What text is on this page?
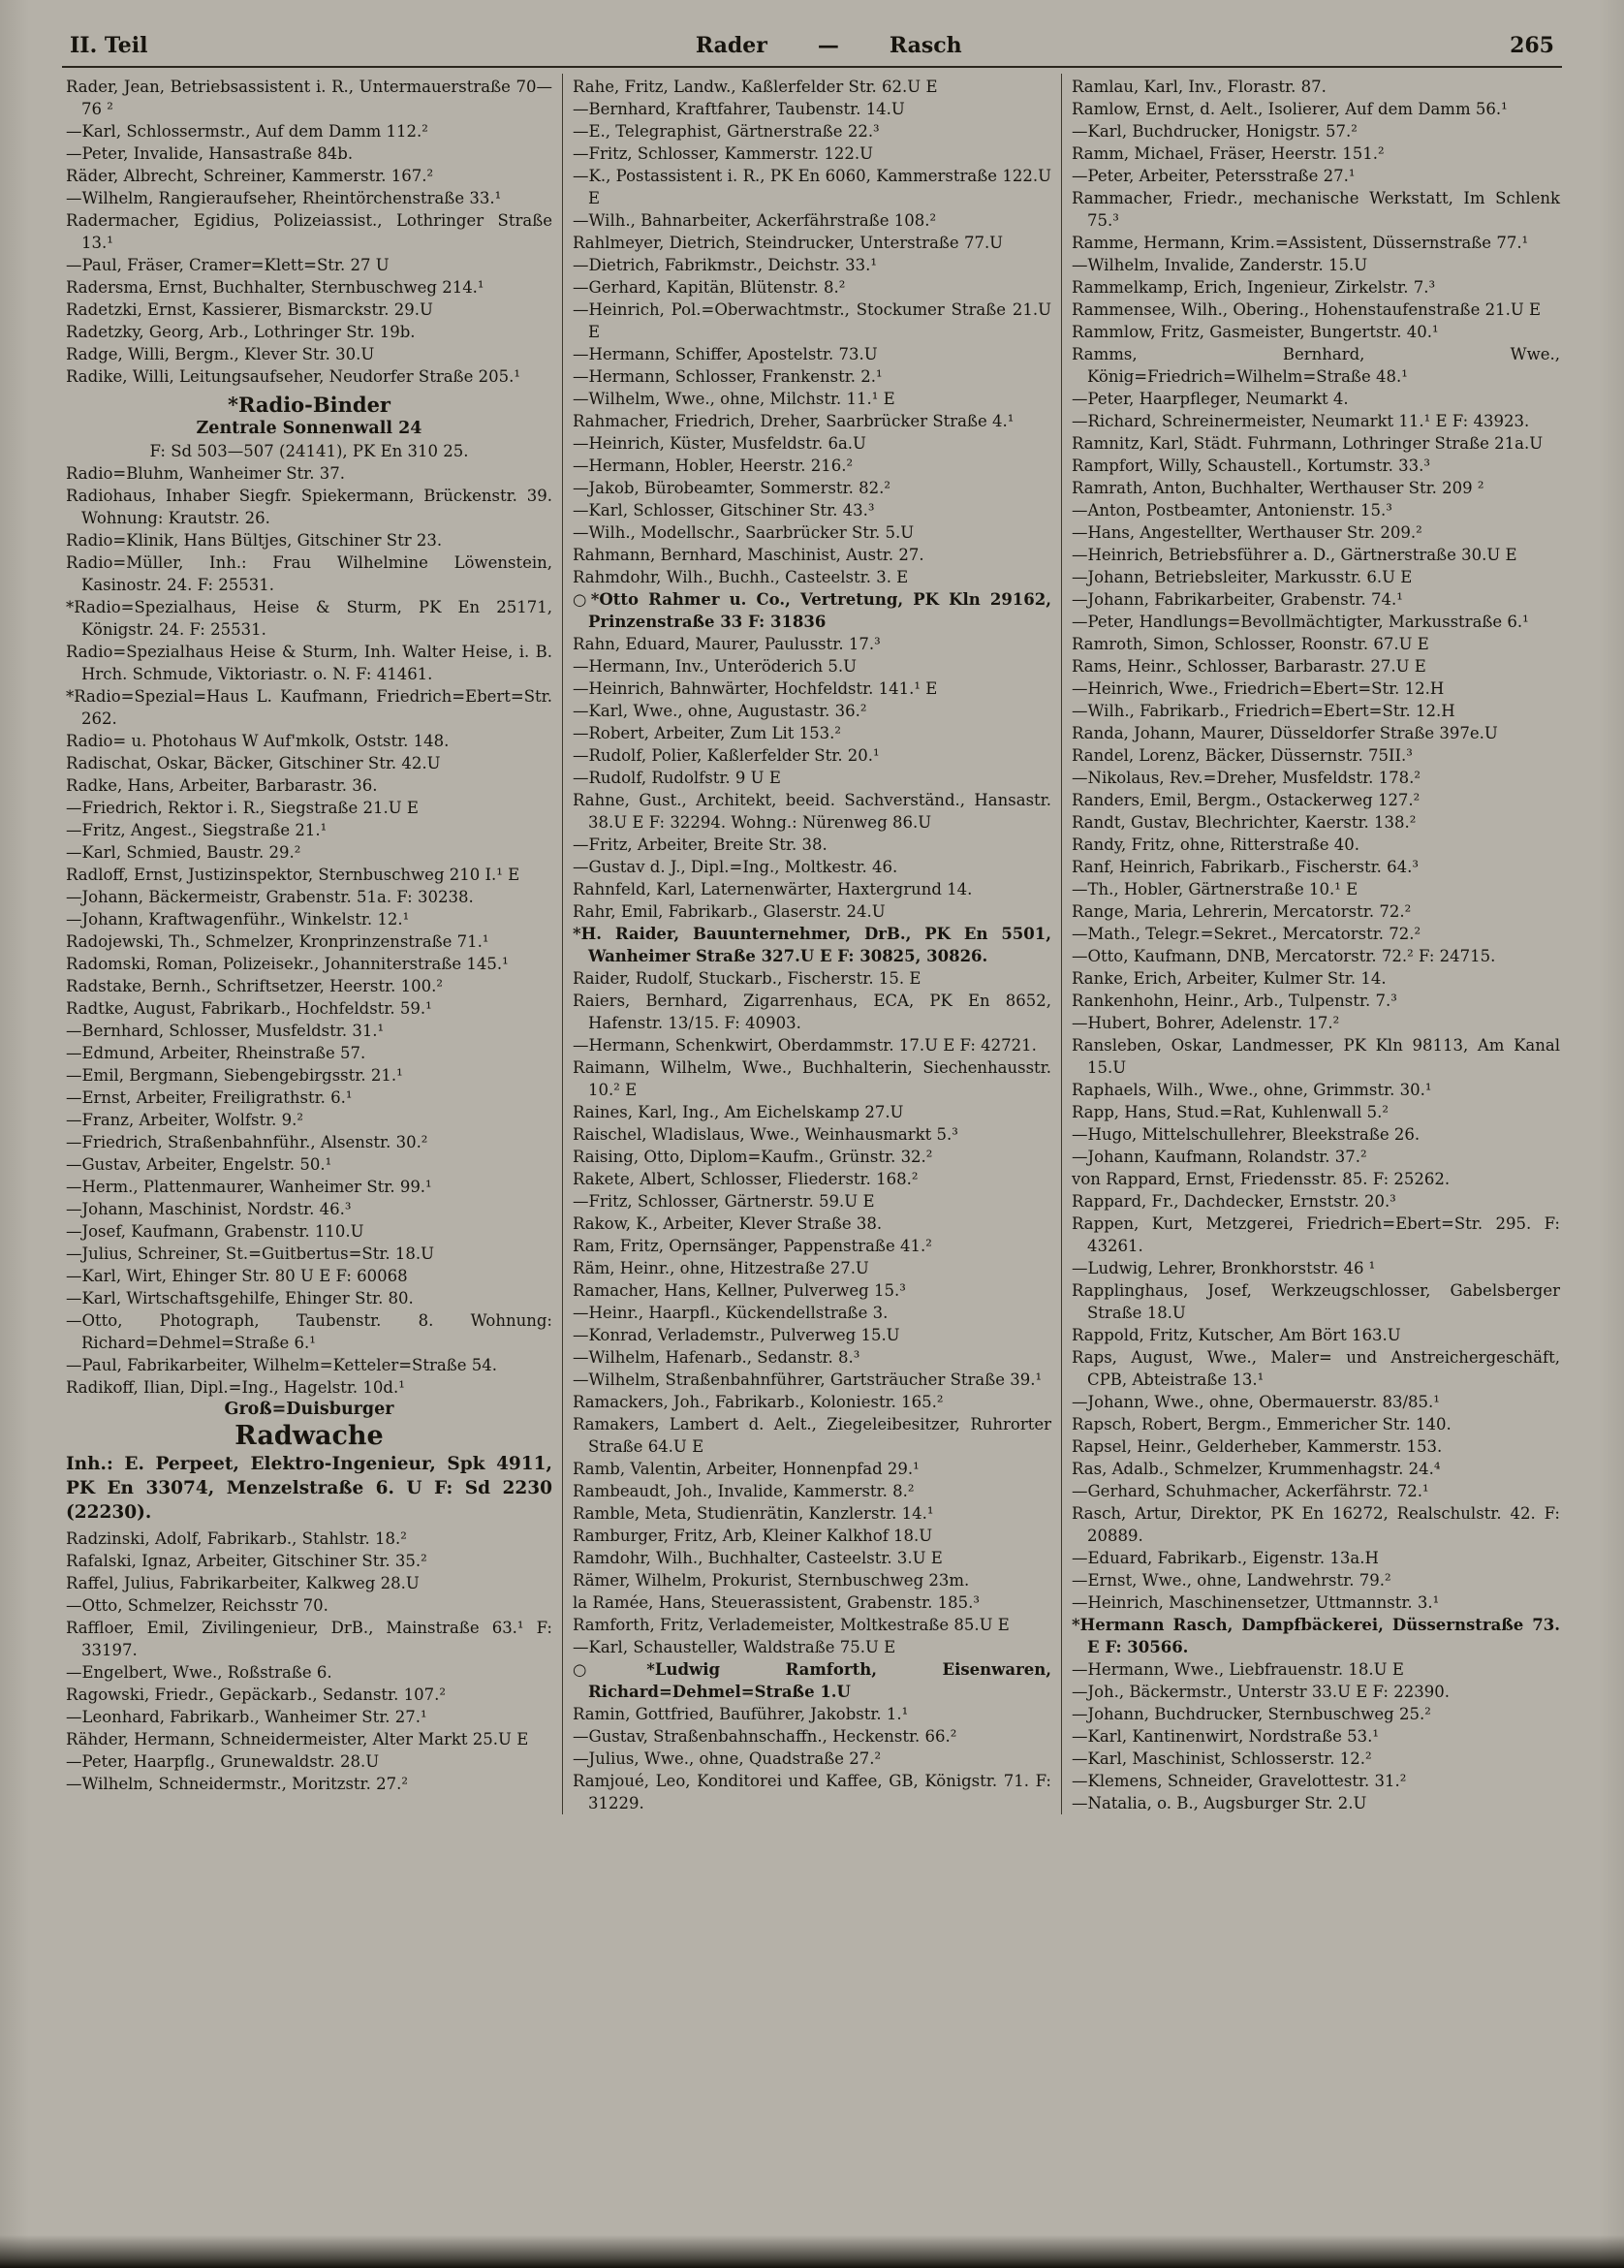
II. Teil	Rader — Rasch	265

Rader, Jean, Betriebsassistent i. R., Untermauerstraße 70—76 ²

—Karl, Schlossermstr., Auf dem Damm 112.²

—Peter, Invalide, Hansastraße 84b.

Räder, Albrecht, Schreiner, Kammerstr. 167.²

—Wilhelm, Rangieraufseher, Rheintörchenstraße 33.¹

Radermacher, Egidius, Polizeiassist., Lothringer Straße 13.¹

—Paul, Fräser, Cramer=Klett=Str. 27 U

Radersma, Ernst, Buchhalter, Sternbuschweg 214.¹

Radetzki, Ernst, Kassierer, Bismarckstr. 29.U

Radetzky, Georg, Arb., Lothringer Str. 19b.

Radge, Willi, Bergm., Klever Str. 30.U

Radike, Willi, Leitungsaufseher, Neudorfer Straße 205.¹

*Radio-Binder

Zentrale Sonnenwall 24

F: Sd 503—507 (24141), PK En 310 25.

Radio=Bluhm, Wanheimer Str. 37.

Radiohaus, Inhaber Siegfr. Spiekermann, Brückenstr. 39. Wohnung: Krautstr. 26.

Radio=Klinik, Hans Bültjes, Gitschiner Str 23.

Radio=Müller, Inh.: Frau Wilhelmine Löwenstein, Kasinostr. 24. F: 25531.

*Radio=Spezialhaus, Heise & Sturm, PK En 25171, Königstr. 24. F: 25531.

Radio=Spezialhaus Heise & Sturm, Inh. Walter Heise, i. B. Hrch. Schmude, Viktoriastr. o. N. F: 41461.

*Radio=Spezial=Haus L. Kaufmann, Friedrich=Ebert=Str. 262.

Radio= u. Photohaus W Auf'mkolk, Oststr. 148.

Radischat, Oskar, Bäcker, Gitschiner Str. 42.U

Radke, Hans, Arbeiter, Barbarastr. 36.

—Friedrich, Rektor i. R., Siegstraße 21.U E

—Fritz, Angest., Siegstraße 21.¹

—Karl, Schmied, Baustr. 29.²

Radloff, Ernst, Justizinspektor, Sternbuschweg 210 I.¹ E

—Johann, Bäckermeistr, Grabenstr. 51a. F: 30238.

—Johann, Kraftwagenführ., Winkelstr. 12.¹

Radojewski, Th., Schmelzer, Kronprinzenstraße 71.¹

Radomski, Roman, Polizeisekr., Johanniterstraße 145.¹

Radstake, Bernh., Schriftsetzer, Heerstr. 100.²

Radtke, August, Fabrikarb., Hochfeldstr. 59.¹

—Bernhard, Schlosser, Musfeldstr. 31.¹

—Edmund, Arbeiter, Rheinstraße 57.

—Emil, Bergmann, Siebengebirgsstr. 21.¹

—Ernst, Arbeiter, Freiligrathstr. 6.¹

—Franz, Arbeiter, Wolfstr. 9.²

—Friedrich, Straßenbahnführ., Alsenstr. 30.²

—Gustav, Arbeiter, Engelstr. 50.¹

—Herm., Plattenmaurer, Wanheimer Str. 99.¹

—Johann, Maschinist, Nordstr. 46.³

—Josef, Kaufmann, Grabenstr. 110.U

—Julius, Schreiner, St.=Guitbertus=Str. 18.U

—Karl, Wirt, Ehinger Str. 80 U E F: 60068

—Karl, Wirtschaftsgehilfe, Ehinger Str. 80.

—Otto, Photograph, Taubenstr. 8. Wohnung: Richard=Dehmel=Straße 6.¹

—Paul, Fabrikarbeiter, Wilhelm=Ketteler=Straße 54.

Radikoff, Ilian, Dipl.=Ing., Hagelstr. 10d.¹

Groß=Duisburger

Radwache

Inh.: E. Perpeet, Elektro-Ingenieur, Spk 4911, PK En 33074, Menzelstraße 6. U F: Sd 2230 (22230).

Radzinski, Adolf, Fabrikarb., Stahlstr. 18.²

Rafalski, Ignaz, Arbeiter, Gitschiner Str. 35.²

Raffel, Julius, Fabrikarbeiter, Kalkweg 28.U

—Otto, Schmelzer, Reichsstr 70.

Raffloer, Emil, Zivilingenieur, DrB., Mainstraße 63.¹ F: 33197.

—Engelbert, Wwe., Roßstraße 6.

Ragowski, Friedr., Gepäckarb., Sedanstr. 107.²

—Leonhard, Fabrikarb., Wanheimer Str. 27.¹

Rähder, Hermann, Schneidermeister, Alter Markt 25.U E

—Peter, Haarpflg., Grunewaldstr. 28.U

—Wilhelm, Schneidermstr., Moritzstr. 27.²

Rahe, Fritz, Landw., Kaßlerfelder Str. 62.U E

—Bernhard, Kraftfahrer, Taubenstr. 14.U

—E., Telegraphist, Gärtnerstraße 22.³

—Fritz, Schlosser, Kammerstr. 122.U

—K., Postassistent i. R., PK En 6060, Kammerstraße 122.U E

—Wilh., Bahnarbeiter, Ackerfährstraße 108.²

Rahlmeyer, Dietrich, Steindrucker, Unterstraße 77.U

—Dietrich, Fabrikmstr., Deichstr. 33.¹

—Gerhard, Kapitän, Blütenstr. 8.²

—Heinrich, Pol.=Oberwachtmstr., Stockumer Straße 21.U E

—Hermann, Schiffer, Apostelstr. 73.U

—Hermann, Schlosser, Frankenstr. 2.¹

—Wilhelm, Wwe., ohne, Milchstr. 11.¹ E

Rahmacher, Friedrich, Dreher, Saarbrücker Straße 4.¹

—Heinrich, Küster, Musfeldstr. 6a.U

—Hermann, Hobler, Heerstr. 216.²

—Jakob, Bürobeamter, Sommerstr. 82.²

—Karl, Schlosser, Gitschiner Str. 43.³

—Wilh., Modellschr., Saarbrücker Str. 5.U

Rahmann, Bernhard, Maschinist, Austr. 27.

Rahmdohr, Wilh., Buchh., Casteelstr. 3. E

○*Otto Rahmer u. Co., Vertretung, PK Kln 29162, Prinzenstraße 33 F: 31836

Rahn, Eduard, Maurer, Paulusstr. 17.³

—Hermann, Inv., Unteröderich 5.U

—Heinrich, Bahnwärter, Hochfeldstr. 141.¹ E

—Karl, Wwe., ohne, Augustastr. 36.²

—Robert, Arbeiter, Zum Lit 153.²

—Rudolf, Polier, Kaßlerfelder Str. 20.¹

—Rudolf, Rudolfstr. 9 U E

Rahne, Gust., Architekt, beeid. Sachverständ., Hansastr. 38.U E F: 32294. Wohng.: Nürenweg 86.U

—Fritz, Arbeiter, Breite Str. 38.

—Gustav d. J., Dipl.=Ing., Moltkestr. 46.

Rahnfeld, Karl, Laternenwärter, Haxtergrund 14.

Rahr, Emil, Fabrikarb., Glaserstr. 24.U

*H. Raider, Bauunternehmer, DrB., PK En 5501, Wanheimer Straße 327.U E F: 30825, 30826.

Raider, Rudolf, Stuckarb., Fischerstr. 15. E

Raiers, Bernhard, Zigarrenhaus, ECA, PK En 8652, Hafenstr. 13/15. F: 40903.

—Hermann, Schenkwirt, Oberdammstr. 17.U E F: 42721.

Raimann, Wilhelm, Wwe., Buchhalterin, Siechenhausstr. 10.² E

Raines, Karl, Ing., Am Eichelskamp 27.U

Raischel, Wladislaus, Wwe., Weinhausmarkt 5.³

Raising, Otto, Diplom=Kaufm., Grünstr. 32.²

Rakete, Albert, Schlosser, Fliederstr. 168.²

—Fritz, Schlosser, Gärtnerstr. 59.U E

Rakow, K., Arbeiter, Klever Straße 38.

Ram, Fritz, Opernsänger, Pappenstraße 41.²

Räm, Heinr., ohne, Hitzestraße 27.U

Ramacher, Hans, Kellner, Pulverweg 15.³

—Heinr., Haarpfl., Kückendellstraße 3.

—Konrad, Verlademstr., Pulverweg 15.U

—Wilhelm, Hafenarb., Sedanstr. 8.³

—Wilhelm, Straßenbahnführer, Gartsträucher Straße 39.¹

Ramackers, Joh., Fabrikarb., Koloniestr. 165.²

Ramakers, Lambert d. Aelt., Ziegeleibesitzer, Ruhrorter Straße 64.U E

Ramb, Valentin, Arbeiter, Honnenpfad 29.¹

Rambeaudt, Joh., Invalide, Kammerstr. 8.²

Ramble, Meta, Studienrätin, Kanzlerstr. 14.¹

Ramburger, Fritz, Arb, Kleiner Kalkhof 18.U

Ramdohr, Wilh., Buchhalter, Casteelstr. 3.U E

Rämer, Wilhelm, Prokurist, Sternbuschweg 23m.

la Ramée, Hans, Steuerassistent, Grabenstr. 185.³

Ramforth, Fritz, Verlademeister, Moltkestraße 85.U E

—Karl, Schausteller, Waldstraße 75.U E

○*Ludwig Ramforth, Eisenwaren, Richard=Dehmel=Straße 1.U

Ramin, Gottfried, Bauführer, Jakobstr. 1.¹

—Gustav, Straßenbahnschaffn., Heckenstr. 66.²

—Julius, Wwe., ohne, Quadstraße 27.²

Ramjoué, Leo, Konditorei und Kaffee, GB, Königstr. 71. F: 31229.

Ramlau, Karl, Inv., Florastr. 87.

Ramlow, Ernst, d. Aelt., Isolierer, Auf dem Damm 56.¹

—Karl, Buchdrucker, Honigstr. 57.²

Ramm, Michael, Fräser, Heerstr. 151.²

—Peter, Arbeiter, Petersstraße 27.¹

Rammacher, Friedr., mechanische Werkstatt, Im Schlenk 75.³

Ramme, Hermann, Krim.=Assistent, Düssernstraße 77.¹

—Wilhelm, Invalide, Zanderstr. 15.U

Rammelkamp, Erich, Ingenieur, Zirkelstr. 7.³

Rammensee, Wilh., Obering., Hohenstaufenstraße 21.U E

Rammlow, Fritz, Gasmeister, Bungertstr. 40.¹

Ramms, Bernhard, Wwe., König=Friedrich=Wilhelm=Straße 48.¹

—Peter, Haarpfleger, Neumarkt 4.

—Richard, Schreinermeister, Neumarkt 11.¹ E F: 43923.

Ramnitz, Karl, Städt. Fuhrmann, Lothringer Straße 21a.U

Rampfort, Willy, Schaustell., Kortumstr. 33.³

Ramrath, Anton, Buchhalter, Werthauser Str. 209 ²

—Anton, Postbeamter, Antonienstr. 15.³

—Hans, Angestellter, Werthauser Str. 209.²

—Heinrich, Betriebsführer a. D., Gärtnerstraße 30.U E

—Johann, Betriebsleiter, Markusstr. 6.U E

—Johann, Fabrikarbeiter, Grabenstr. 74.¹

—Peter, Handlungs=Bevollmächtigter, Markusstraße 6.¹

Ramroth, Simon, Schlosser, Roonstr. 67.U E

Rams, Heinr., Schlosser, Barbarastr. 27.U E

—Heinrich, Wwe., Friedrich=Ebert=Str. 12.H

—Wilh., Fabrikarb., Friedrich=Ebert=Str. 12.H

Randa, Johann, Maurer, Düsseldorfer Straße 397e.U

Randel, Lorenz, Bäcker, Düssernstr. 75II.³

—Nikolaus, Rev.=Dreher, Musfeldstr. 178.²

Randers, Emil, Bergm., Ostackerweg 127.²

Randt, Gustav, Blechrichter, Kaerstr. 138.²

Randy, Fritz, ohne, Ritterstraße 40.

Ranf, Heinrich, Fabrikarb., Fischerstr. 64.³

—Th., Hobler, Gärtnerstraße 10.¹ E

Range, Maria, Lehrerin, Mercatorstr. 72.²

—Math., Telegr.=Sekret., Mercatorstr. 72.²

—Otto, Kaufmann, DNB, Mercatorstr. 72.² F: 24715.

Ranke, Erich, Arbeiter, Kulmer Str. 14.

Rankenhohn, Heinr., Arb., Tulpenstr. 7.³

—Hubert, Bohrer, Adelenstr. 17.²

Ransleben, Oskar, Landmesser, PK Kln 98113, Am Kanal 15.U

Raphaels, Wilh., Wwe., ohne, Grimmstr. 30.¹

Rapp, Hans, Stud.=Rat, Kuhlenwall 5.²

—Hugo, Mittelschullehrer, Bleekstraße 26.

—Johann, Kaufmann, Rolandstr. 37.²

von Rappard, Ernst, Friedensstr. 85. F: 25262.

Rappard, Fr., Dachdecker, Ernststr. 20.³

Rappen, Kurt, Metzgerei, Friedrich=Ebert=Str. 295. F: 43261.

—Ludwig, Lehrer, Bronkhorststr. 46 ¹

Rapplinghaus, Josef, Werkzeugschlosser, Gabelsberger Straße 18.U

Rappold, Fritz, Kutscher, Am Bört 163.U

Raps, August, Wwe., Maler= und Anstreichergeschäft, CPB, Abteistraße 13.¹

—Johann, Wwe., ohne, Obermauerstr. 83/85.¹

Rapsch, Robert, Bergm., Emmericher Str. 140.

Rapsel, Heinr., Gelderheber, Kammerstr. 153.

Ras, Adalb., Schmelzer, Krummenhagstr. 24.⁴

—Gerhard, Schuhmacher, Ackerfährstr. 72.¹

Rasch, Artur, Direktor, PK En 16272, Realschulstr. 42. F: 20889.

—Eduard, Fabrikarb., Eigenstr. 13a.H

—Ernst, Wwe., ohne, Landwehrstr. 79.²

—Heinrich, Maschinensetzer, Uttmannstr. 3.¹

*Hermann Rasch, Dampfbäckerei, Düssernstraße 73. E F: 30566.

—Hermann, Wwe., Liebfrauenstr. 18.U E

—Joh., Bäckermstr., Unterstr 33.U E F: 22390.

—Johann, Buchdrucker, Sternbuschweg 25.²

—Karl, Kantinenwirt, Nordstraße 53.¹

—Karl, Maschinist, Schlosserstr. 12.²

—Klemens, Schneider, Gravelottestr. 31.²

—Natalia, o. B., Augsburger Str. 2.U
